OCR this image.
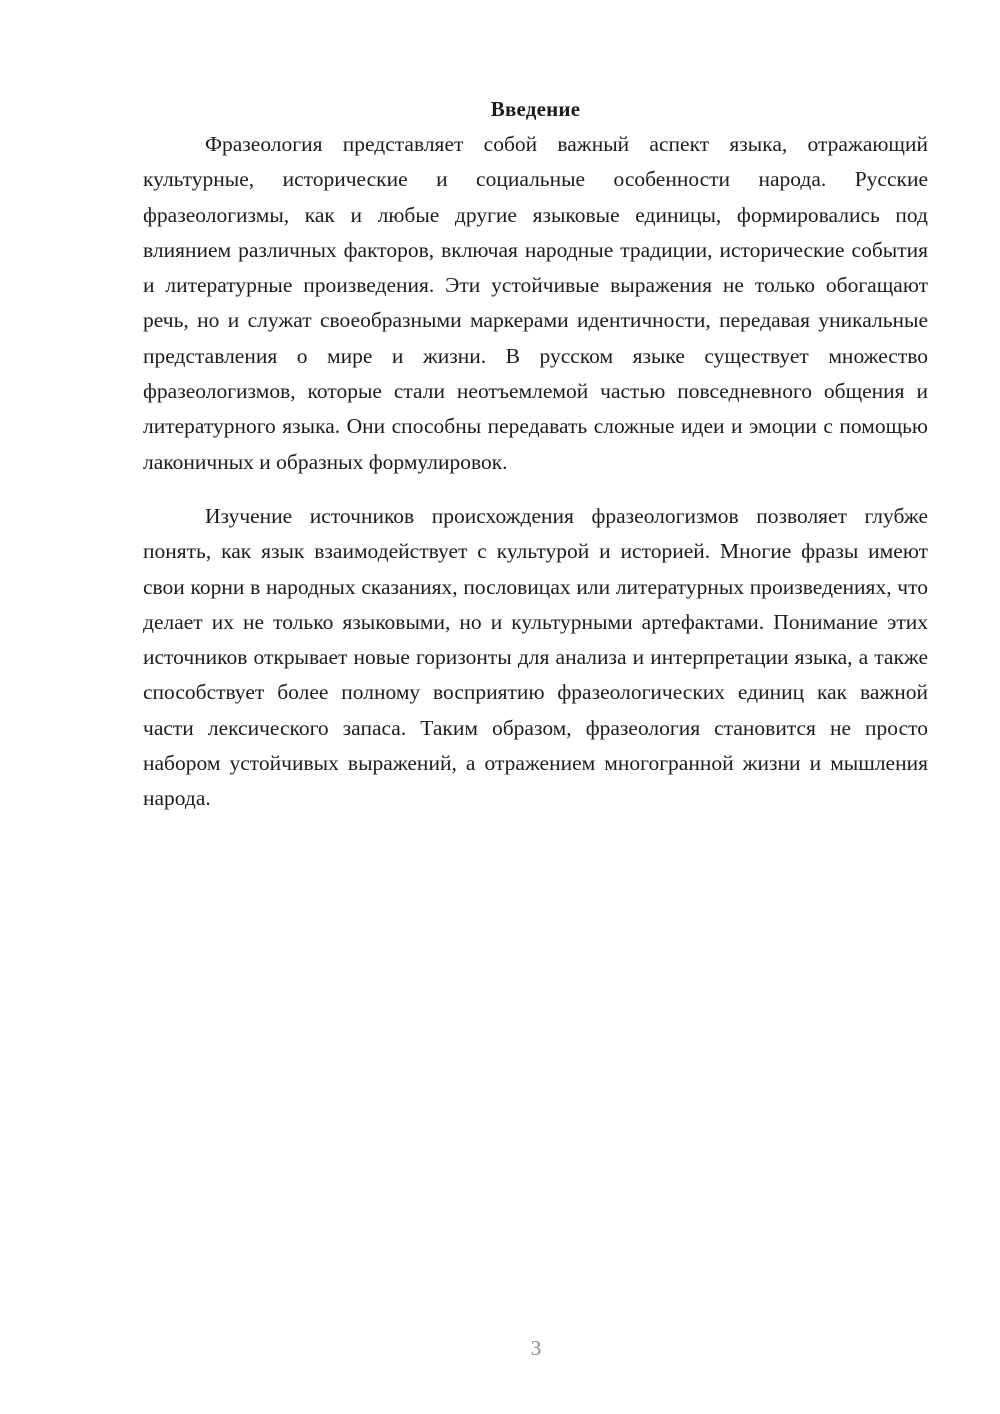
Введение

Фразеология представляет собой важный аспект языка, отражающий культурные, исторические и социальные особенности народа. Русские фразеологизмы, как и любые другие языковые единицы, формировались под влиянием различных факторов, включая народные традиции, исторические события и литературные произведения. Эти устойчивые выражения не только обогащают речь, но и служат своеобразными маркерами идентичности, передавая уникальные представления о мире и жизни. В русском языке существует множество фразеологизмов, которые стали неотъемлемой частью повседневного общения и литературного языка. Они способны передавать сложные идеи и эмоции с помощью лаконичных и образных формулировок.

Изучение источников происхождения фразеологизмов позволяет глубже понять, как язык взаимодействует с культурой и историей. Многие фразы имеют свои корни в народных сказаниях, пословицах или литературных произведениях, что делает их не только языковыми, но и культурными артефактами. Понимание этих источников открывает новые горизонты для анализа и интерпретации языка, а также способствует более полному восприятию фразеологических единиц как важной части лексического запаса. Таким образом, фразеология становится не просто набором устойчивых выражений, а отражением многогранной жизни и мышления народа.

3
